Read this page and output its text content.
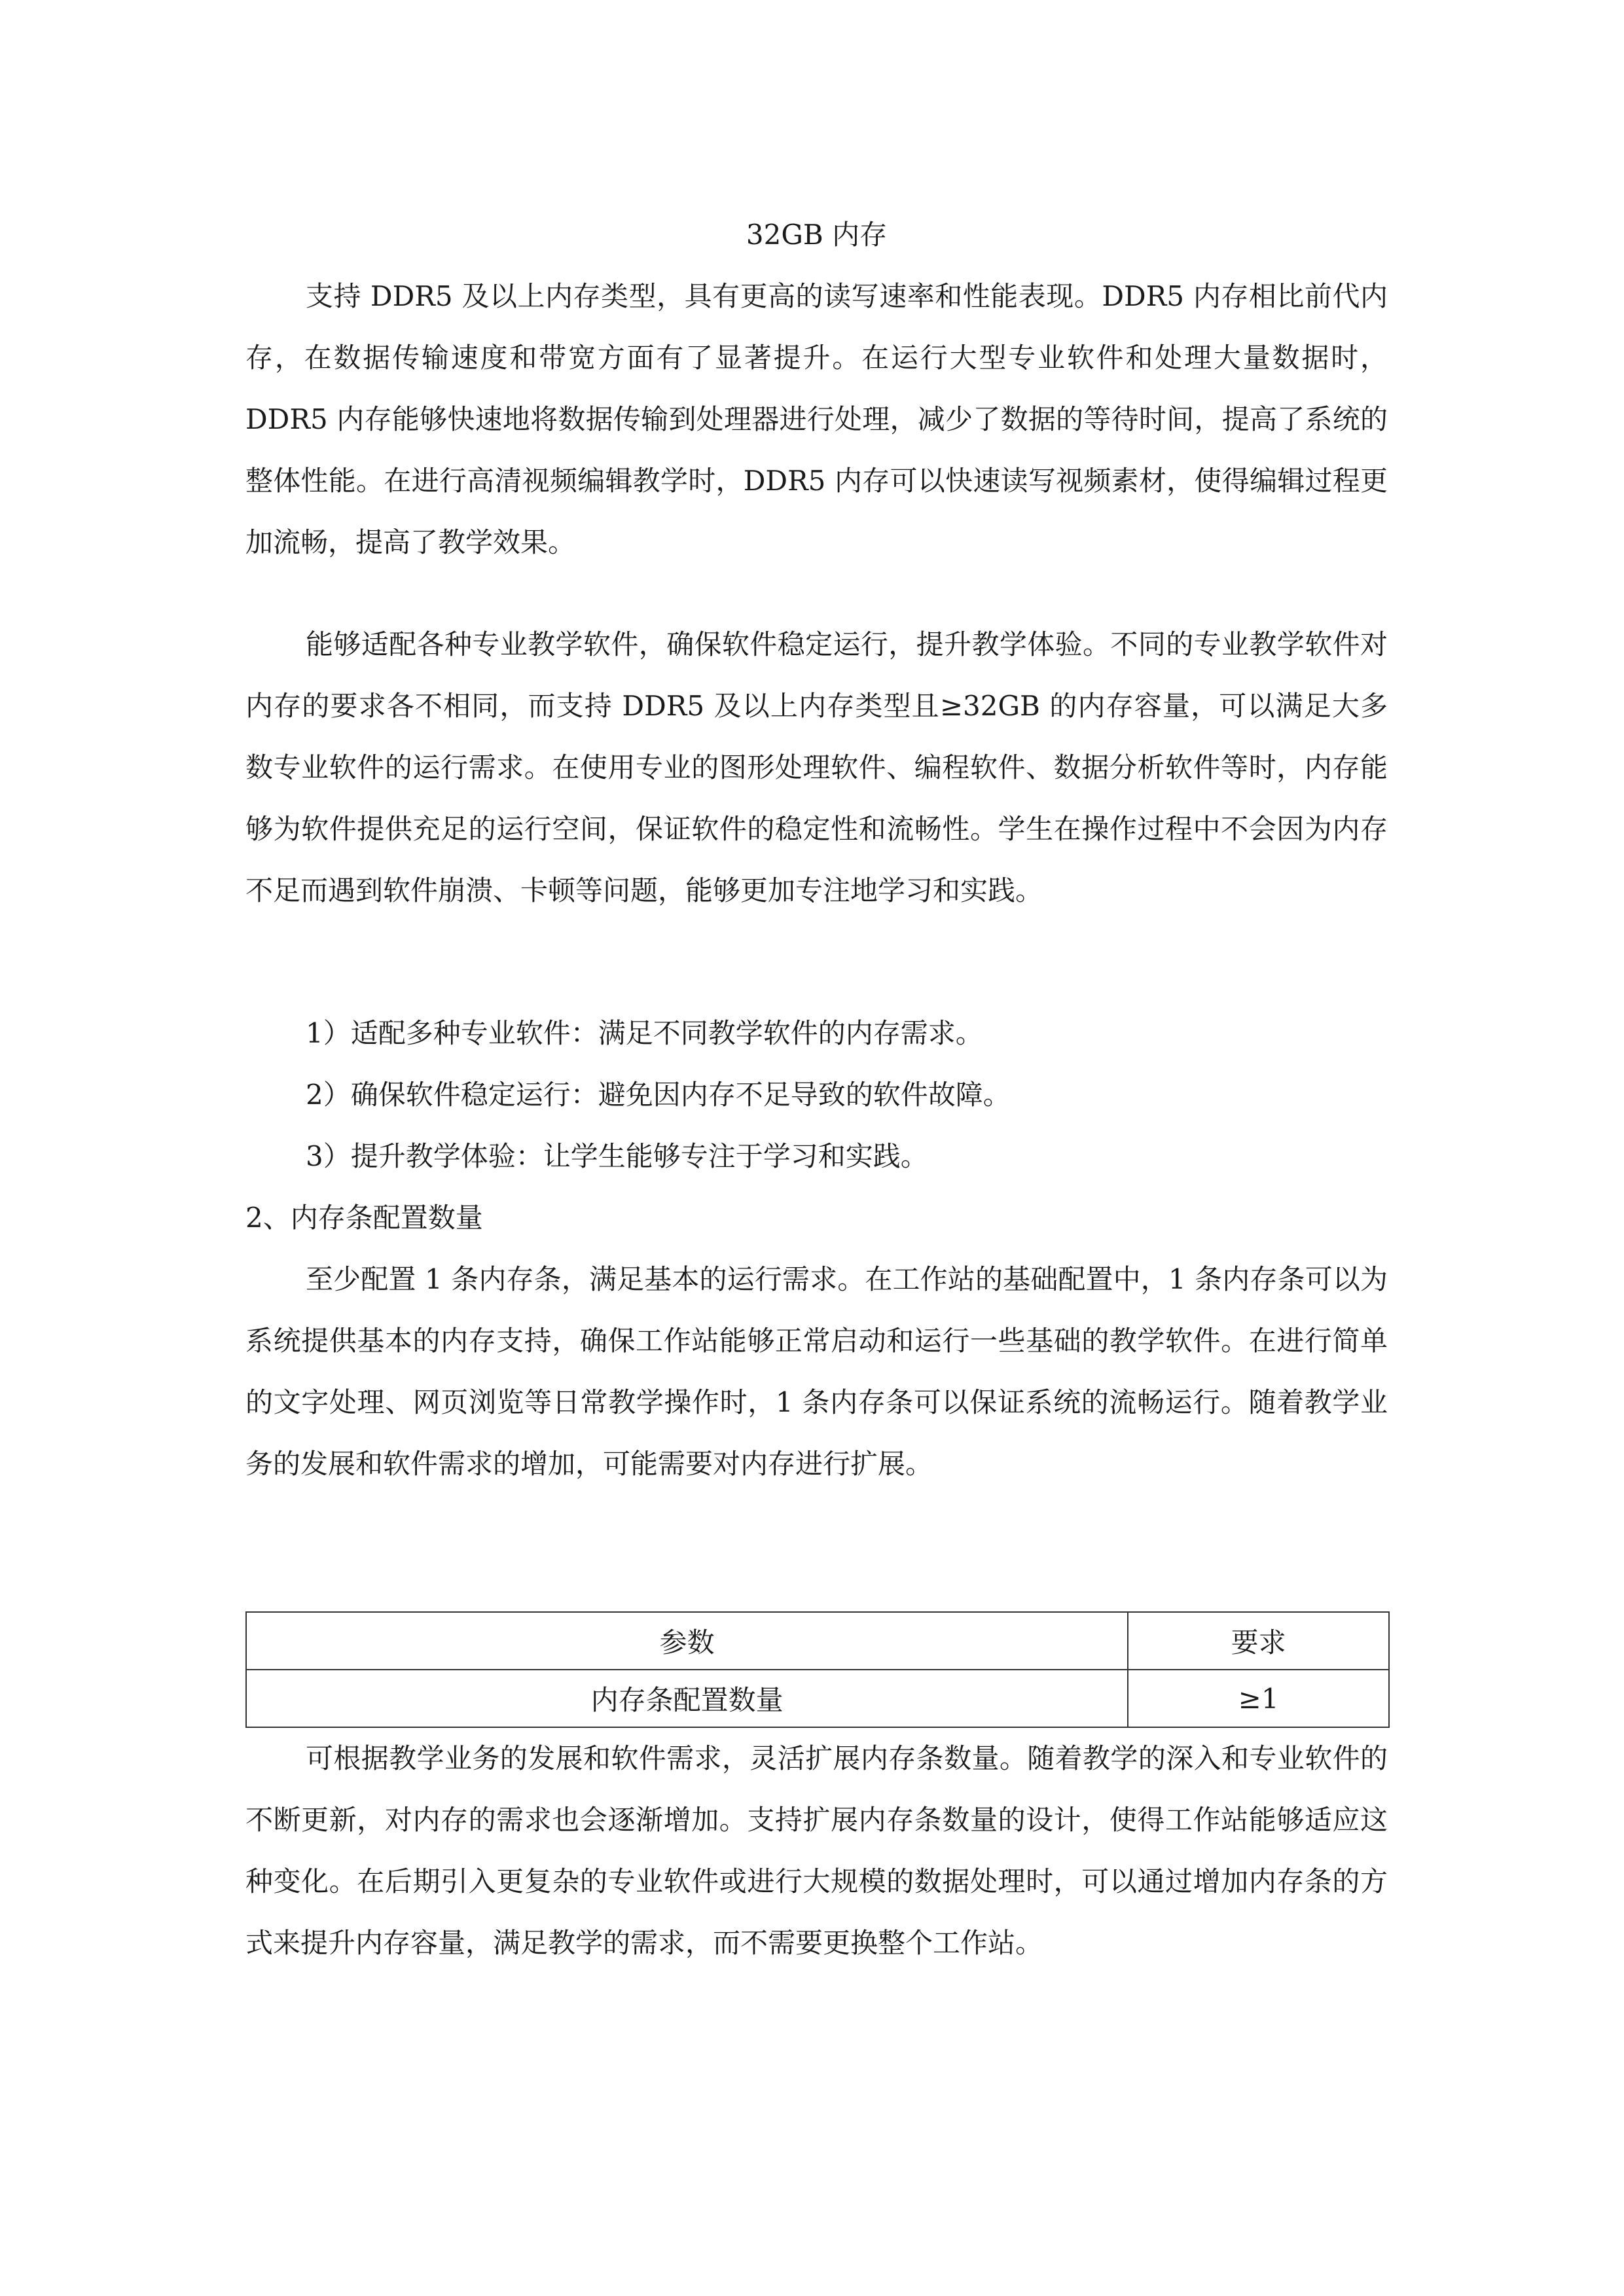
32GB 内存

支持 DDR5 及以上内存类型，具有更高的读写速率和性能表现。DDR5 内存相比前代内存，在数据传输速度和带宽方面有了显著提升。在运行大型专业软件和处理大量数据时，DDR5 内存能够快速地将数据传输到处理器进行处理，减少了数据的等待时间，提高了系统的整体性能。在进行高清视频编辑教学时，DDR5 内存可以快速读写视频素材，使得编辑过程更加流畅，提高了教学效果。

能够适配各种专业教学软件，确保软件稳定运行，提升教学体验。不同的专业教学软件对内存的要求各不相同，而支持 DDR5 及以上内存类型且≥32GB 的内存容量，可以满足大多数专业软件的运行需求。在使用专业的图形处理软件、编程软件、数据分析软件等时，内存能够为软件提供充足的运行空间，保证软件的稳定性和流畅性。学生在操作过程中不会因为内存不足而遇到软件崩溃、卡顿等问题，能够更加专注地学习和实践。

1）适配多种专业软件：满足不同教学软件的内存需求。

2）确保软件稳定运行：避免因内存不足导致的软件故障。

3）提升教学体验：让学生能够专注于学习和实践。

2、内存条配置数量

至少配置 1 条内存条，满足基本的运行需求。在工作站的基础配置中，1 条内存条可以为系统提供基本的内存支持，确保工作站能够正常启动和运行一些基础的教学软件。在进行简单的文字处理、网页浏览等日常教学操作时，1 条内存条可以保证系统的流畅运行。随着教学业务的发展和软件需求的增加，可能需要对内存进行扩展。

参数	要求
内存条配置数量	≥1

可根据教学业务的发展和软件需求，灵活扩展内存条数量。随着教学的深入和专业软件的不断更新，对内存的需求也会逐渐增加。支持扩展内存条数量的设计，使得工作站能够适应这种变化。在后期引入更复杂的专业软件或进行大规模的数据处理时，可以通过增加内存条的方式来提升内存容量，满足教学的需求，而不需要更换整个工作站。
